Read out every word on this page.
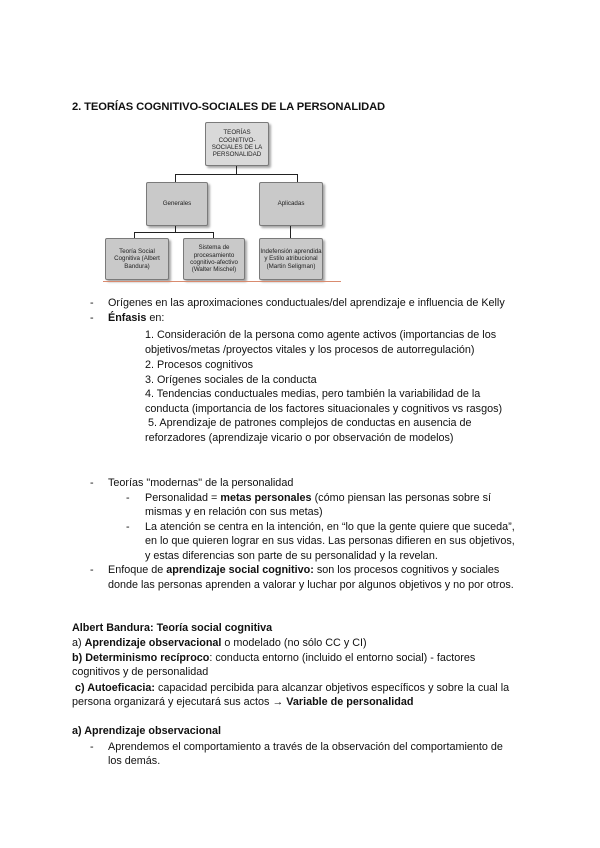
2. TEORÍAS COGNITIVO-SOCIALES DE LA PERSONALIDAD
TEORÍAS COGNITIVO-SOCIALES DE LA PERSONALIDAD
Generales	Aplicadas
Teoría Social Cognitiva (Albert Bandura)
Sistema de procesamiento cognitivo-afectivo (Walter Mischel)
Indefensión aprendida y Estilo atribucional (Martin Seligman)
- Orígenes en las aproximaciones conductuales/del aprendizaje e influencia de Kelly
- Énfasis en:
1. Consideración de la persona como agente activos (importancias de los
objetivos/metas /proyectos vitales y los procesos de autorregulación)
2. Procesos cognitivos
3. Orígenes sociales de la conducta
4. Tendencias conductuales medias, pero también la variabilidad de la
conducta (importancia de los factores situacionales y cognitivos vs rasgos)
5. Aprendizaje de patrones complejos de conductas en ausencia de
reforzadores (aprendizaje vicario o por observación de modelos)
- Teorías "modernas" de la personalidad
- Personalidad = metas personales (cómo piensan las personas sobre sí
mismas y en relación con sus metas)
- La atención se centra en la intención, en “lo que la gente quiere que suceda”,
en lo que quieren lograr en sus vidas. Las personas difieren en sus objetivos,
y estas diferencias son parte de su personalidad y la revelan.
- Enfoque de aprendizaje social cognitivo: son los procesos cognitivos y sociales
donde las personas aprenden a valorar y luchar por algunos objetivos y no por otros.
Albert Bandura: Teoría social cognitiva
a) Aprendizaje observacional o modelado (no sólo CC y CI)
b) Determinismo recíproco: conducta entorno (incluido el entorno social) - factores
cognitivos y de personalidad
c) Autoeficacia: capacidad percibida para alcanzar objetivos específicos y sobre la cual la
persona organizará y ejecutará sus actos → Variable de personalidad
a) Aprendizaje observacional
- Aprendemos el comportamiento a través de la observación del comportamiento de
los demás.
